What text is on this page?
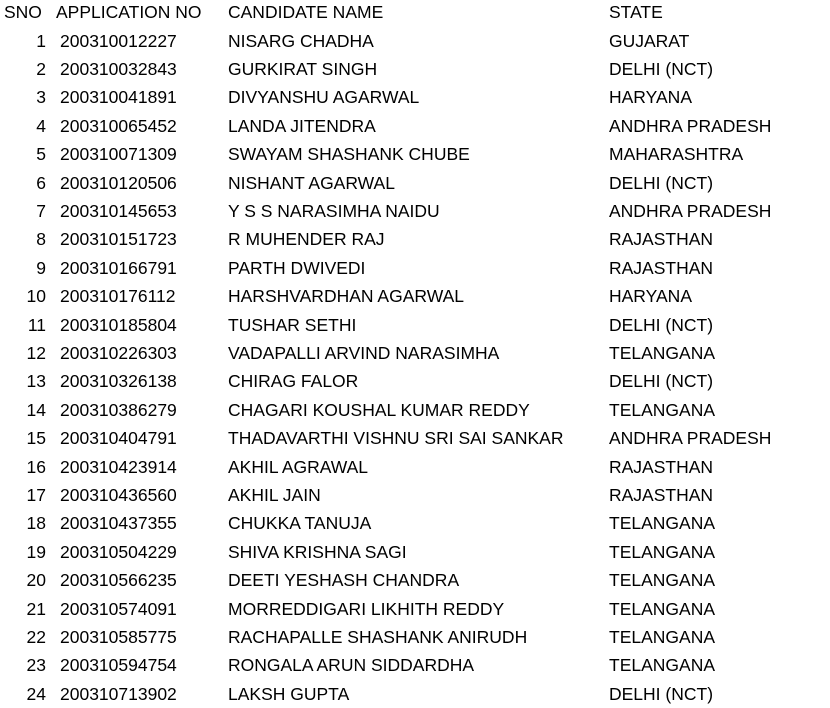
SNO APPLICATION NO CANDIDATE NAME	STATE
1 200310012227	NISARG CHADHA	GUJARAT
2 200310032843	GURKIRAT SINGH	DELHI (NCT)
3 200310041891	DIVYANSHU AGARWAL	HARYANA
4 200310065452	LANDA JITENDRA	ANDHRA PRADESH
5 200310071309	SWAYAM SHASHANK CHUBE	MAHARASHTRA
6 200310120506	NISHANT AGARWAL	DELHI (NCT)
7 200310145653	Y S S NARASIMHA NAIDU	ANDHRA PRADESH
8 200310151723	R MUHENDER RAJ	RAJASTHAN
9 200310166791	PARTH DWIVEDI	RAJASTHAN
10 200310176112	HARSHVARDHAN AGARWAL	HARYANA
11 200310185804	TUSHAR SETHI	DELHI (NCT)
12 200310226303	VADAPALLI ARVIND NARASIMHA	TELANGANA
13 200310326138	CHIRAG FALOR	DELHI (NCT)
14 200310386279	CHAGARI KOUSHAL KUMAR REDDY	TELANGANA
15 200310404791	THADAVARTHI VISHNU SRI SAI SANKAR	ANDHRA PRADESH
16 200310423914	AKHIL AGRAWAL	RAJASTHAN
17 200310436560	AKHIL JAIN	RAJASTHAN
18 200310437355	CHUKKA TANUJA	TELANGANA
19 200310504229	SHIVA KRISHNA SAGI	TELANGANA
20 200310566235	DEETI YESHASH CHANDRA	TELANGANA
21 200310574091	MORREDDIGARI LIKHITH REDDY	TELANGANA
22 200310585775	RACHAPALLE SHASHANK ANIRUDH	TELANGANA
23 200310594754	RONGALA ARUN SIDDARDHA	TELANGANA
24 200310713902	LAKSH GUPTA	DELHI (NCT)
